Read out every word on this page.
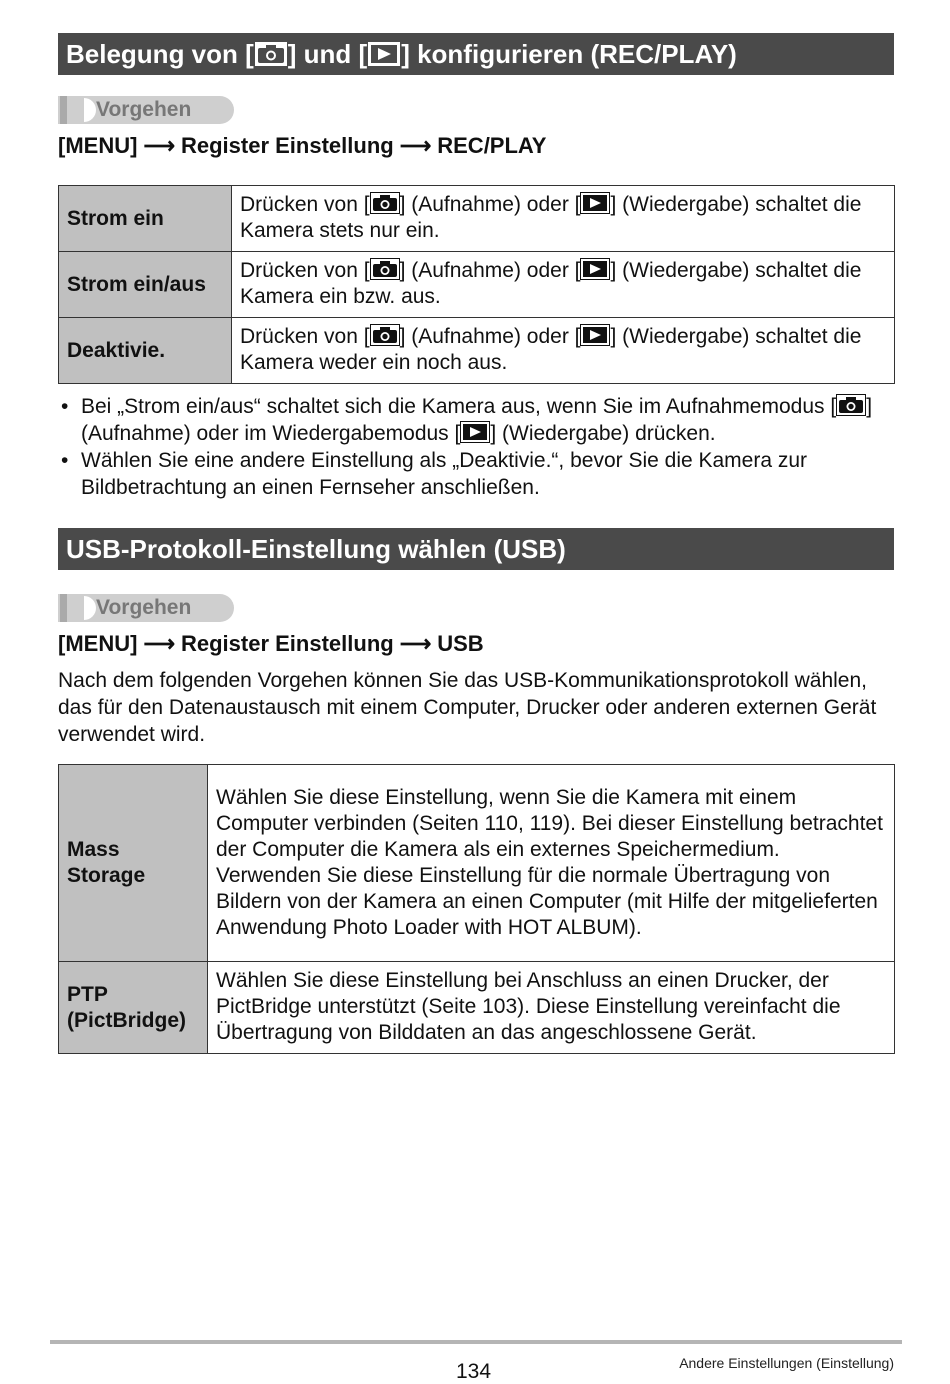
Belegung von [ ] und [ ] konfigurieren (REC/PLAY)
Vorgehen
[MENU] ⟶ Register Einstellung ⟶ REC/PLAY
Strom ein	Drücken von [ ] (Aufnahme) oder [ ] (Wiedergabe) schaltet die Kamera stets nur ein.
Strom ein/aus	Drücken von [ ] (Aufnahme) oder [ ] (Wiedergabe) schaltet die Kamera ein bzw. aus.
Deaktivie.	Drücken von [ ] (Aufnahme) oder [ ] (Wiedergabe) schaltet die Kamera weder ein noch aus.
• Bei „Strom ein/aus“ schaltet sich die Kamera aus, wenn Sie im Aufnahmemodus [ ] (Aufnahme) oder im Wiedergabemodus [ ] (Wiedergabe) drücken.
• Wählen Sie eine andere Einstellung als „Deaktivie.“, bevor Sie die Kamera zur Bildbetrachtung an einen Fernseher anschließen.
USB-Protokoll-Einstellung wählen (USB)
Vorgehen
[MENU] ⟶ Register Einstellung ⟶ USB
Nach dem folgenden Vorgehen können Sie das USB-Kommunikationsprotokoll wählen, das für den Datenaustausch mit einem Computer, Drucker oder anderen externen Gerät verwendet wird.
Mass
Storage	Wählen Sie diese Einstellung, wenn Sie die Kamera mit einem Computer verbinden (Seiten 110, 119). Bei dieser Einstellung betrachtet der Computer die Kamera als ein externes Speichermedium. Verwenden Sie diese Einstellung für die normale Übertragung von Bildern von der Kamera an einen Computer (mit Hilfe der mitgelieferten Anwendung Photo Loader with HOT ALBUM).
PTP
(PictBridge)	Wählen Sie diese Einstellung bei Anschluss an einen Drucker, der PictBridge unterstützt (Seite 103). Diese Einstellung vereinfacht die Übertragung von Bilddaten an das angeschlossene Gerät.
134	Andere Einstellungen (Einstellung)
